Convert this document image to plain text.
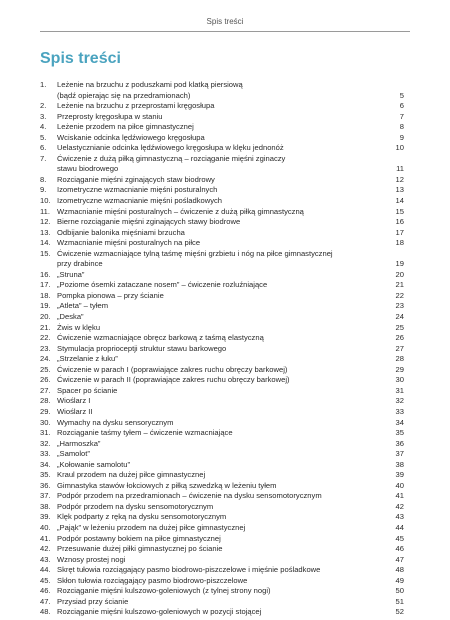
Spis treści
Spis treści
1.	Leżenie na brzuchu z poduszkami pod klatką piersiową
(bądź opierając się na przedramionach)	5
2.	Leżenie na brzuchu z przeprostami kręgosłupa	6
3.	Przeprosty kręgosłupa w staniu	7
4.	Leżenie przodem na piłce gimnastycznej	8
5.	Wciskanie odcinka lędźwiowego kręgosłupa	9
6.	Uelastycznianie odcinka lędźwiowego kręgosłupa w klęku jednonóż	10
7.	Ćwiczenie z dużą piłką gimnastyczną – rozciąganie mięśni zginaczy
stawu biodrowego	11
8.	Rozciąganie mięśni zginających staw biodrowy	12
9.	Izometryczne wzmacnianie mięśni posturalnych	13
10. Izometryczne wzmacnianie mięśni pośladkowych	14
11. Wzmacnianie mięśni posturalnych – ćwiczenie z dużą piłką gimnastyczną	15
12. Bierne rozciąganie mięśni zginających stawy biodrowe	16
13. Odbijanie balonika mięśniami brzucha	17
14. Wzmacnianie mięśni posturalnych na piłce	18
15. Ćwiczenie wzmacniające tylną taśmę mięśni grzbietu i nóg na piłce gimnastycznej
przy drabince	19
16. „Struna”	20
17. „Poziome ósemki zataczane nosem” – ćwiczenie rozluźniające	21
18. Pompka pionowa – przy ścianie	22
19. „Atleta” – tyłem	23
20. „Deska”	24
21. Żwis w klęku	25
22. Ćwiczenie wzmacniające obręcz barkową z taśmą elastyczną	26
23. Stymulacja proprioceptji struktur stawu barkowego	27
24. „Strzelanie z łuku”	28
25. Ćwiczenie w parach I (poprawiające zakres ruchu obręczy barkowej)	29
26. Ćwiczenie w parach II (poprawiające zakres ruchu obręczy barkowej)	30
27. Spacer po ścianie	31
28. Wioślarz I	32
29. Wioślarz II	33
30. Wymachy na dysku sensorycznym	34
31. Rozciąganie taśmy tyłem – ćwiczenie wzmacniające	35
32. „Harmoszka”	36
33. „Samolot”	37
34. „Kołowanie samolotu”	38
35. Kraul przodem na dużej piłce gimnastycznej	39
36. Gimnastyka stawów łokciowych z piłką szwedzką w leżeniu tyłem	40
37. Podpór przodem na przedramionach – ćwiczenie na dysku sensomotorycznym	41
38. Podpór przodem na dysku sensomotorycznym	42
39. Klęk podparty z ręką na dysku sensomotorycznym	43
40. „Pająk” w leżeniu przodem na dużej piłce gimnastycznej	44
41. Podpór postawny bokiem na piłce gimnastycznej	45
42. Przesuwanie dużej piłki gimnastycznej po ścianie	46
43. Wznosy prostej nogi	47
44. Skręt tułowia rozciągający pasmo biodrowo-piszczelowe i mięśnie pośladkowe	48
45. Skłon tułowia rozciągający pasmo biodrowo-piszczelowe	49
46. Rozciąganie mięśni kulszowo-goleniowych (z tylnej strony nogi)	50
47. Przysiad przy ścianie	51
48. Rozciąganie mięśni kulszowo-goleniowych w pozycji stojącej	52
